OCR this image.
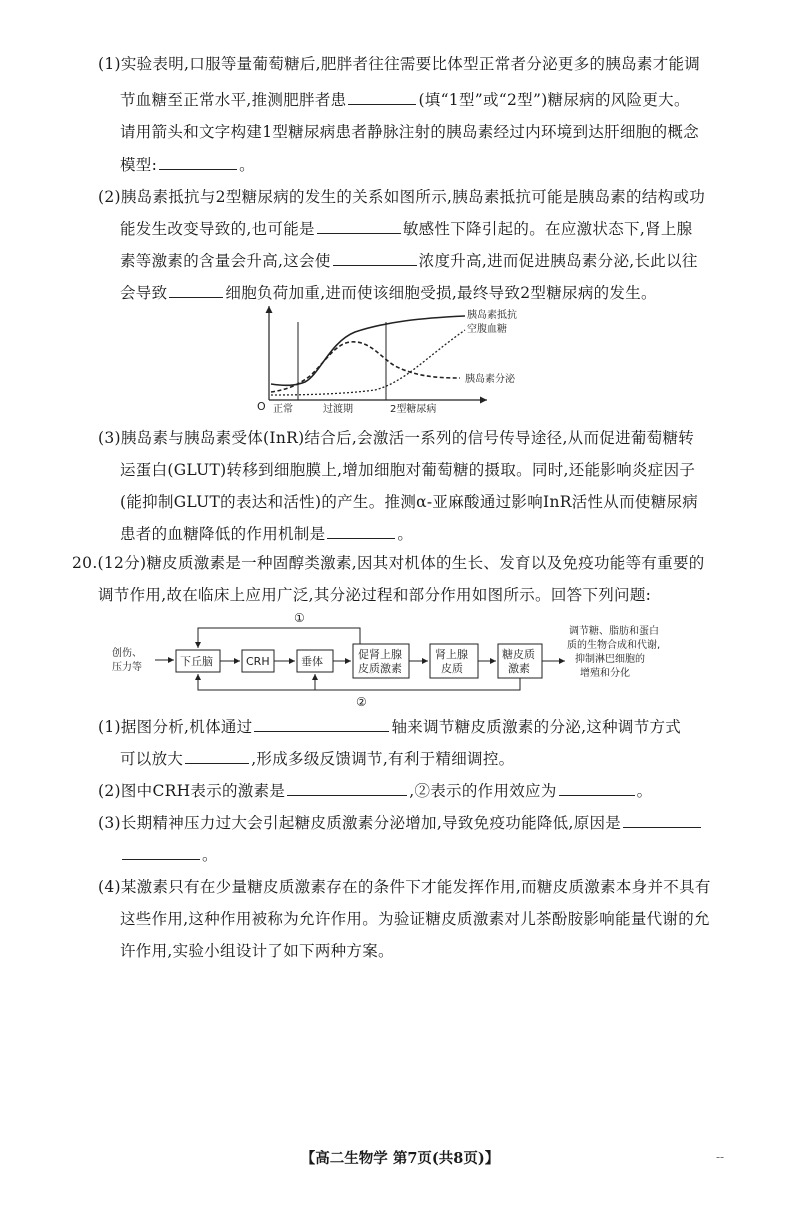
(1)实验表明,口服等量葡萄糖后,肥胖者往往需要比体型正常者分泌更多的胰岛素才能调
节血糖至正常水平,推测肥胖者患	(填“1型”或“2型”)糖尿病的风险更大。
请用箭头和文字构建1型糖尿病患者静脉注射的胰岛素经过内环境到达肝细胞的概念
模型:	。
(2)胰岛素抵抗与2型糖尿病的发生的关系如图所示,胰岛素抵抗可能是胰岛素的结构或功
能发生改变导致的,也可能是	敏感性下降引起的。在应激状态下,肾上腺
素等激素的含量会升高,这会使	浓度升高,进而促进胰岛素分泌,长此以往
会导致	细胞负荷加重,进而使该细胞受损,最终导致2型糖尿病的发生。
O 正常	过渡期	2型糖尿病
胰岛素抵抗
空腹血糖
胰岛素分泌
(3)胰岛素与胰岛素受体(InR)结合后,会激活一系列的信号传导途径,从而促进葡萄糖转
运蛋白(GLUT)转移到细胞膜上,增加细胞对葡萄糖的摄取。同时,还能影响炎症因子
(能抑制GLUT的表达和活性)的产生。推测α-亚麻酸通过影响InR活性从而使糖尿病
患者的血糖降低的作用机制是	。
20.(12分)糖皮质激素是一种固醇类激素,因其对机体的生长、发育以及免疫功能等有重要的
调节作用,故在临床上应用广泛,其分泌过程和部分作用如图所示。回答下列问题:
创伤、
压力等	下丘脑	CRH	垂体
促肾上腺
皮质激素
肾上腺
皮质
糖皮质
激素
调节糖、脂肪和蛋白
质的生物合成和代谢,
抑制淋巴细胞的
增殖和分化
①
②
(1)据图分析,机体通过	轴来调节糖皮质激素的分泌,这种调节方式
可以放大	,形成多级反馈调节,有利于精细调控。
(2)图中CRH表示的激素是	,②表示的作用效应为	。
(3)长期精神压力过大会引起糖皮质激素分泌增加,导致免疫功能降低,原因是
。
(4)某激素只有在少量糖皮质激素存在的条件下才能发挥作用,而糖皮质激素本身并不具有
这些作用,这种作用被称为允许作用。为验证糖皮质激素对儿茶酚胺影响能量代谢的允
许作用,实验小组设计了如下两种方案。
【高二生物学 第7页(共8页)】	--
